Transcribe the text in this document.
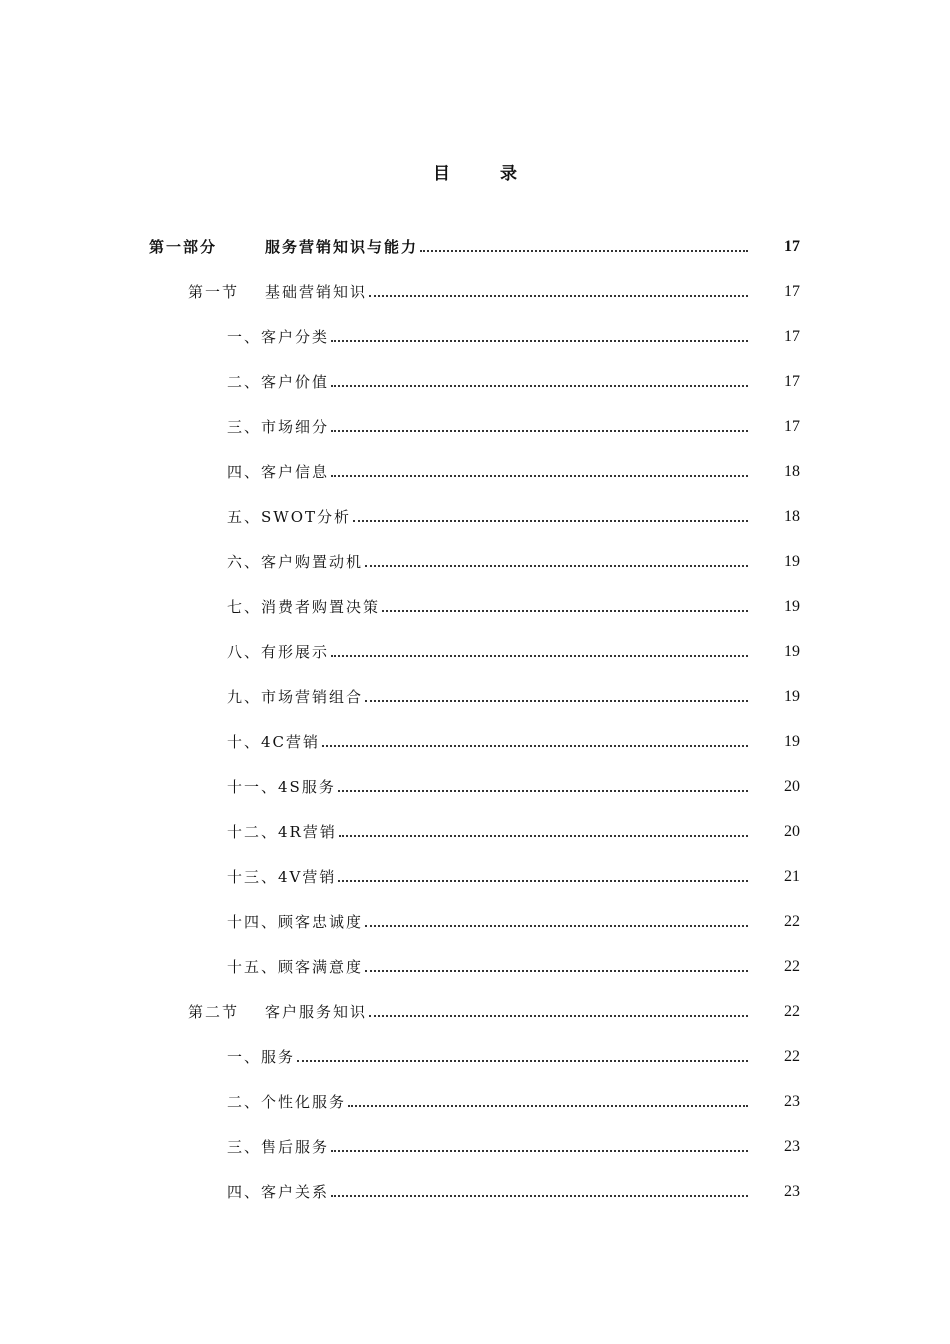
目 录
第一部分	服务营销知识与能力	17
第一节	基础营销知识	17
一、客户分类	17
二、客户价值	17
三、市场细分	17
四、客户信息	18
五、SWOT分析	18
六、客户购置动机	19
七、消费者购置决策	19
八、有形展示	19
九、市场营销组合	19
十、4C营销	19
十一、4S服务	20
十二、4R营销	20
十三、4V营销	21
十四、顾客忠诚度	22
十五、顾客满意度	22
第二节	客户服务知识	22
一、服务	22
二、个性化服务	23
三、售后服务	23
四、客户关系	23
